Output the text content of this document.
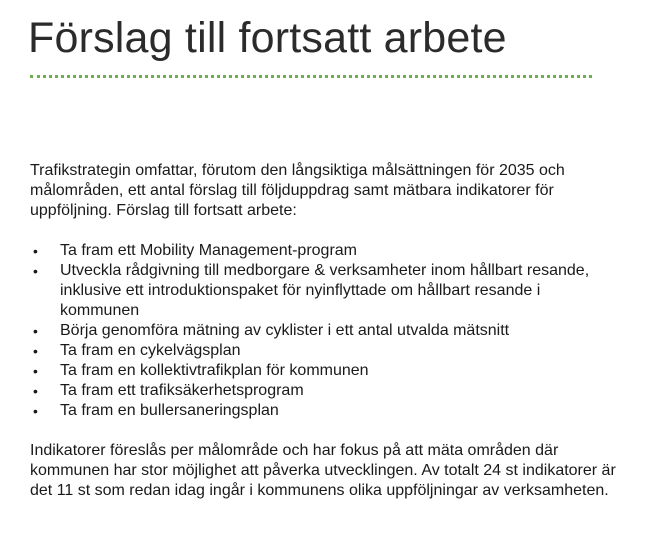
Förslag till fortsatt arbete

Trafikstrategin omfattar, förutom den långsiktiga målsättningen för 2035 och målområden, ett antal förslag till följduppdrag samt mätbara indikatorer för uppföljning. Förslag till fortsatt arbete:

• Ta fram ett Mobility Management-program
• Utveckla rådgivning till medborgare & verksamheter inom hållbart resande, inklusive ett introduktionspaket för nyinflyttade om hållbart resande i kommunen
• Börja genomföra mätning av cyklister i ett antal utvalda mätsnitt
• Ta fram en cykelvägsplan
• Ta fram en kollektivtrafikplan för kommunen
• Ta fram ett trafiksäkerhetsprogram
• Ta fram en bullersaneringsplan

Indikatorer föreslås per målområde och har fokus på att mäta områden där kommunen har stor möjlighet att påverka utvecklingen. Av totalt 24 st indikatorer är det 11 st som redan idag ingår i kommunens olika uppföljningar av verksamheten.
